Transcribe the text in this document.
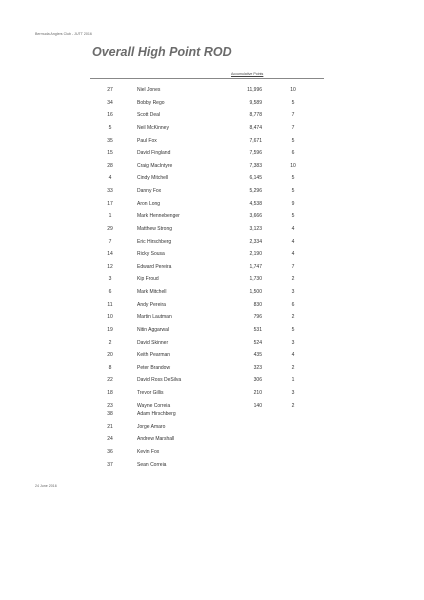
Bermuda Anglers Club - JUTT 2016
Overall High Point ROD
Accumulative Points
27	Niel Jones	11,996	10
34	Bobby Rego	9,589	5
16	Scott Deal	8,778	7
5	Neil McKinney	8,474	7
35	Paul Fox	7,671	5
15	David Fingland	7,596	6
28	Craig MacIntyre	7,383	10
4	Cindy Mitchell	6,145	5
33	Danny Fox	5,296	5
17	Aron Long	4,538	9
1	Mark Hennebenger	3,666	5
29	Matthew Strong	3,123	4
7	Eric Hirschberg	2,334	4
14	Ricky Sousa	2,190	4
12	Edward Pereira	1,747	7
3	Kip Froud	1,730	2
6	Mark Mitchell	1,500	3
11	Andy Pereira	830	6
10	Martin Lautman	796	2
19	Nitin Aggarwal	531	5
2	David Skinner	524	3
20	Keith Pearman	435	4
8	Peter Brandow	323	2
22	David Ross DeSilva	306	1
18	Trevor Gillis	210	3
23	Wayne Correia	140	2
38	Adam Hirschberg
21	Jorge Amaro
24	Andrew Marshall
36	Kevin Fox
37	Sean Correia
24 June 2016
